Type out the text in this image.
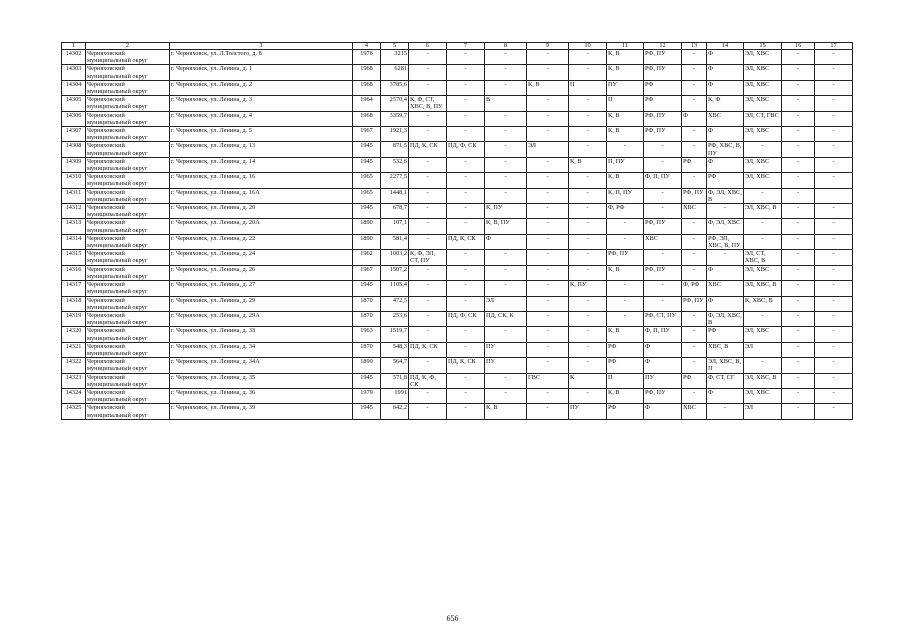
1	2	3	4	5	6	7	8	9	10	11	12	13	14	15	16	17
14302	Черняховский муниципальный округ	г. Черняховск, ул. Л.Толстого, д. 8	1976	3215	-	-	-	-	-	К, В	РФ, ПУ	-	Ф	ЭЛ, ХВС	-	-
14303	Черняховский муниципальный округ	г. Черняховск, ул. Ленина, д. 1	1968	6281	-	-	-	-	-	К, В	РФ, ПУ	-	Ф	ЭЛ, ХВС	-	-
14304	Черняховский муниципальный округ	г. Черняховск, ул. Ленина, д. 2	1968	3785,6	-	-	-	К, В	П	ПУ	РФ	-	Ф	ЭЛ, ХВС	-	-
14305	Черняховский муниципальный округ	г. Черняховск, ул. Ленина, д. 3	1964	2570,4	К, Ф, СТ, ХВС, В, ПУ	-	В	-	-	П	РФ	-	К, Ф	ЭЛ, ХВС	-	-
14306	Черняховский муниципальный округ	г. Черняховск, ул. Ленина, д. 4	1968	3359,7	-	-	-	-	-	К, В	РФ, ПУ	Ф	ХВС	ЭЛ, СТ, ГВС	-	-
14307	Черняховский муниципальный округ	г. Черняховск, ул. Ленина, д. 5	1967	1921,3	-	-	-	-	-	К, В	РФ, ПУ	-	Ф	ЭЛ, ХВС	-	-
14308	Черняховский муниципальный округ	г. Черняховск, ул. Ленина, д. 13	1945	871,5	ПД, К, СК	ПД, Ф, СК	-	ЭЛ	-	-	-	-	РФ, ХВС, В, ПУ	-	-	-
14309	Черняховский муниципальный округ	г. Черняховск, ул. Ленина, д. 14	1945	532,6	-	-	-	-	К, В	П, ПУ	-	РФ	Ф	ЭЛ, ХВС	-	-
14310	Черняховский муниципальный округ	г. Черняховск, ул. Ленина, д. 16	1965	2277,5	-	-	-	-	-	К, В	Ф, П, ПУ	-	РФ	ЭЛ, ХВС	-	-
14311	Черняховский муниципальный округ	г. Черняховск, ул. Ленина, д. 16А	1965	1448,1	-	-	-	-	-	К, П, ПУ	-	РФ, ПУ	Ф, ЭЛ, ХВС, В	-	-	
14312	Черняховский муниципальный округ	г. Черняховск, ул. Ленина, д. 20	1945	678,7	-	-	К, ПУ	-	-	Ф, РФ	-	ХВС	-	ЭЛ, ХВС, В	-	-
14313	Черняховский муниципальный округ	г. Черняховск, ул. Ленина, д. 20А	1890	107,1	-	-	К, В, ПУ	-	-	-	РФ, ПУ	-	Ф, ЭЛ, ХВС	-	-	-
14314	Черняховский муниципальный округ	г. Черняховск, ул. Ленина, д. 22	1890	581,4	-	ПД, К, СК	Ф	-	-	-	ХВС	-	РФ, ЭЛ, ХВС, В, ПУ	-	-	-
14315	Черняховский муниципальный округ	г. Черняховск, ул. Ленина, д. 24	1962	1003,2	К, Ф, ЭЛ, СТ, ПУ	-	-	-	-	РФ, ПУ	-	-	-	ЭЛ, СТ, ХВС, В	-	-
14316	Черняховский муниципальный округ	г. Черняховск, ул. Ленина, д. 26	1967	1507,2	-	-	-	-	-	К, В	РФ, ПУ	-	Ф	ЭЛ, ХВС	-	-
14317	Черняховский муниципальный округ	г. Черняховск, ул. Ленина, д. 27	1945	1105,4	-	-	-	-	К, ПУ	-	-	Ф, РФ	ХВС	ЭЛ, ХВС, В	-	-
14318	Черняховский муниципальный округ	г. Черняховск, ул. Ленина, д. 29	1870	472,5	-	-	ЭЛ	-	-	-	-	РФ, ПУ	Ф	К, ХВС, В	-	-
14319	Черняховский муниципальный округ	г. Черняховск, ул. Ленина, д. 29А	1870	253,6	-	ПД, Ф, СК	ПД, СК, К	-	-	-	РФ, СТ, ПУ	-	Ф, ЭЛ, ХВС, В	-	-	-
14320	Черняховский муниципальный округ	г. Черняховск, ул. Ленина, д. 33	1963	1519,7	-	-	-	-	-	К, В	Ф, П, ПУ	-	РФ	ЭЛ, ХВС	-	-
14321	Черняховский муниципальный округ	г. Черняховск, ул. Ленина, д. 34	1870	548,3	ПД, К, СК	-	ПУ	-	-	РФ	Ф	-	ХВС, В	ЭЛ	-	-
14322	Черняховский муниципальный округ	г. Черняховск, ул. Ленина, д. 34А	1890	564,7	-	ПД, К, СК	ПУ	-	-	РФ	Ф	-	ЭЛ, ХВС, В, П	-	-	-
14323	Черняховский муниципальный округ	г. Черняховск, ул. Ленина, д. 35	1945	571,8	ПД, К, Ф, СК	-	-	ГВС	К	П	ПУ	РФ	Ф, СТ, СГ	ЭЛ, ХВС, В	-	-
14324	Черняховский муниципальный округ	г. Черняховск, ул. Ленина, д. 36	1979	1991	-	-	-	-	-	К, В	РФ, ПУ	-	Ф	ЭЛ, ХВС	-	-
14325	Черняховский муниципальный округ	г. Черняховск, ул. Ленина, д. 39	1945	642,2	-	-	К, В	-	ПУ	РФ	Ф	ХВС	-	ЭЛ	-	-
656
